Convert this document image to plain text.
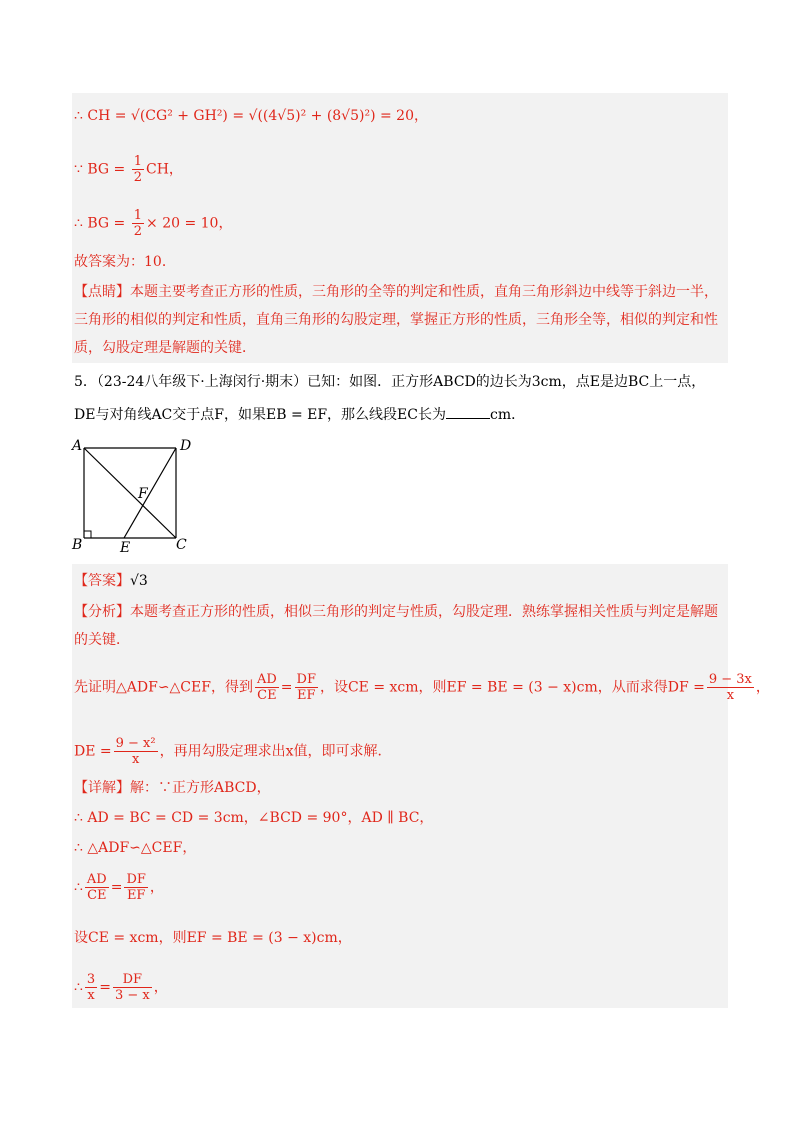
∴ CH = √(CG² + GH²) = √((4√5)² + (8√5)²) = 20，
∵ BG = $\frac{1}{2}$ CH，
∴ BG = $\frac{1}{2} \times 20 = 10$，
故答案为：10．
【点睛】本题主要考查正方形的性质，三角形的全等的判定和性质，直角三角形斜边中线等于斜边一半，三角形的相似的判定和性质，直角三角形的勾股定理，掌握正方形的性质，三角形全等，相似的判定和性质，勾股定理是解题的关键．
5．（23-24八年级下·上海闵行·期末）已知：如图．正方形ABCD的边长为3cm，点E是边BC上一点，
DE与对角线AC交于点F，如果EB = EF，那么线段EC长为	cm．
A	D
B	C
E
F
【答案】√3
【分析】本题考查正方形的性质，相似三角形的判定与性质，勾股定理．熟练掌握相关性质与判定是解题的关键．
先证明△ADF∽△CEF，得到 $\frac{AD}{CE} = \frac{DF}{EF}$ ，设CE = xcm，则EF = BE = (3 − x)cm，从而求得DF = $\frac{9 - 3x}{x}$ ，
DE = $\frac{\text{9 − x²}}{x}$ ，再用勾股定理求出x值，即可求解．
【详解】解：∵正方形ABCD，
∴ AD = BC = CD = 3cm，∠BCD = 90°，AD ∥ BC，
∴ △ADF∽△CEF，
∴ $\frac{AD}{CE} = \frac{DF}{EF}$ ，
设CE = xcm，则EF = BE = (3 − x)cm，
∴ $\frac{3}{x} = \frac{DF}{3 - x}$ ，
